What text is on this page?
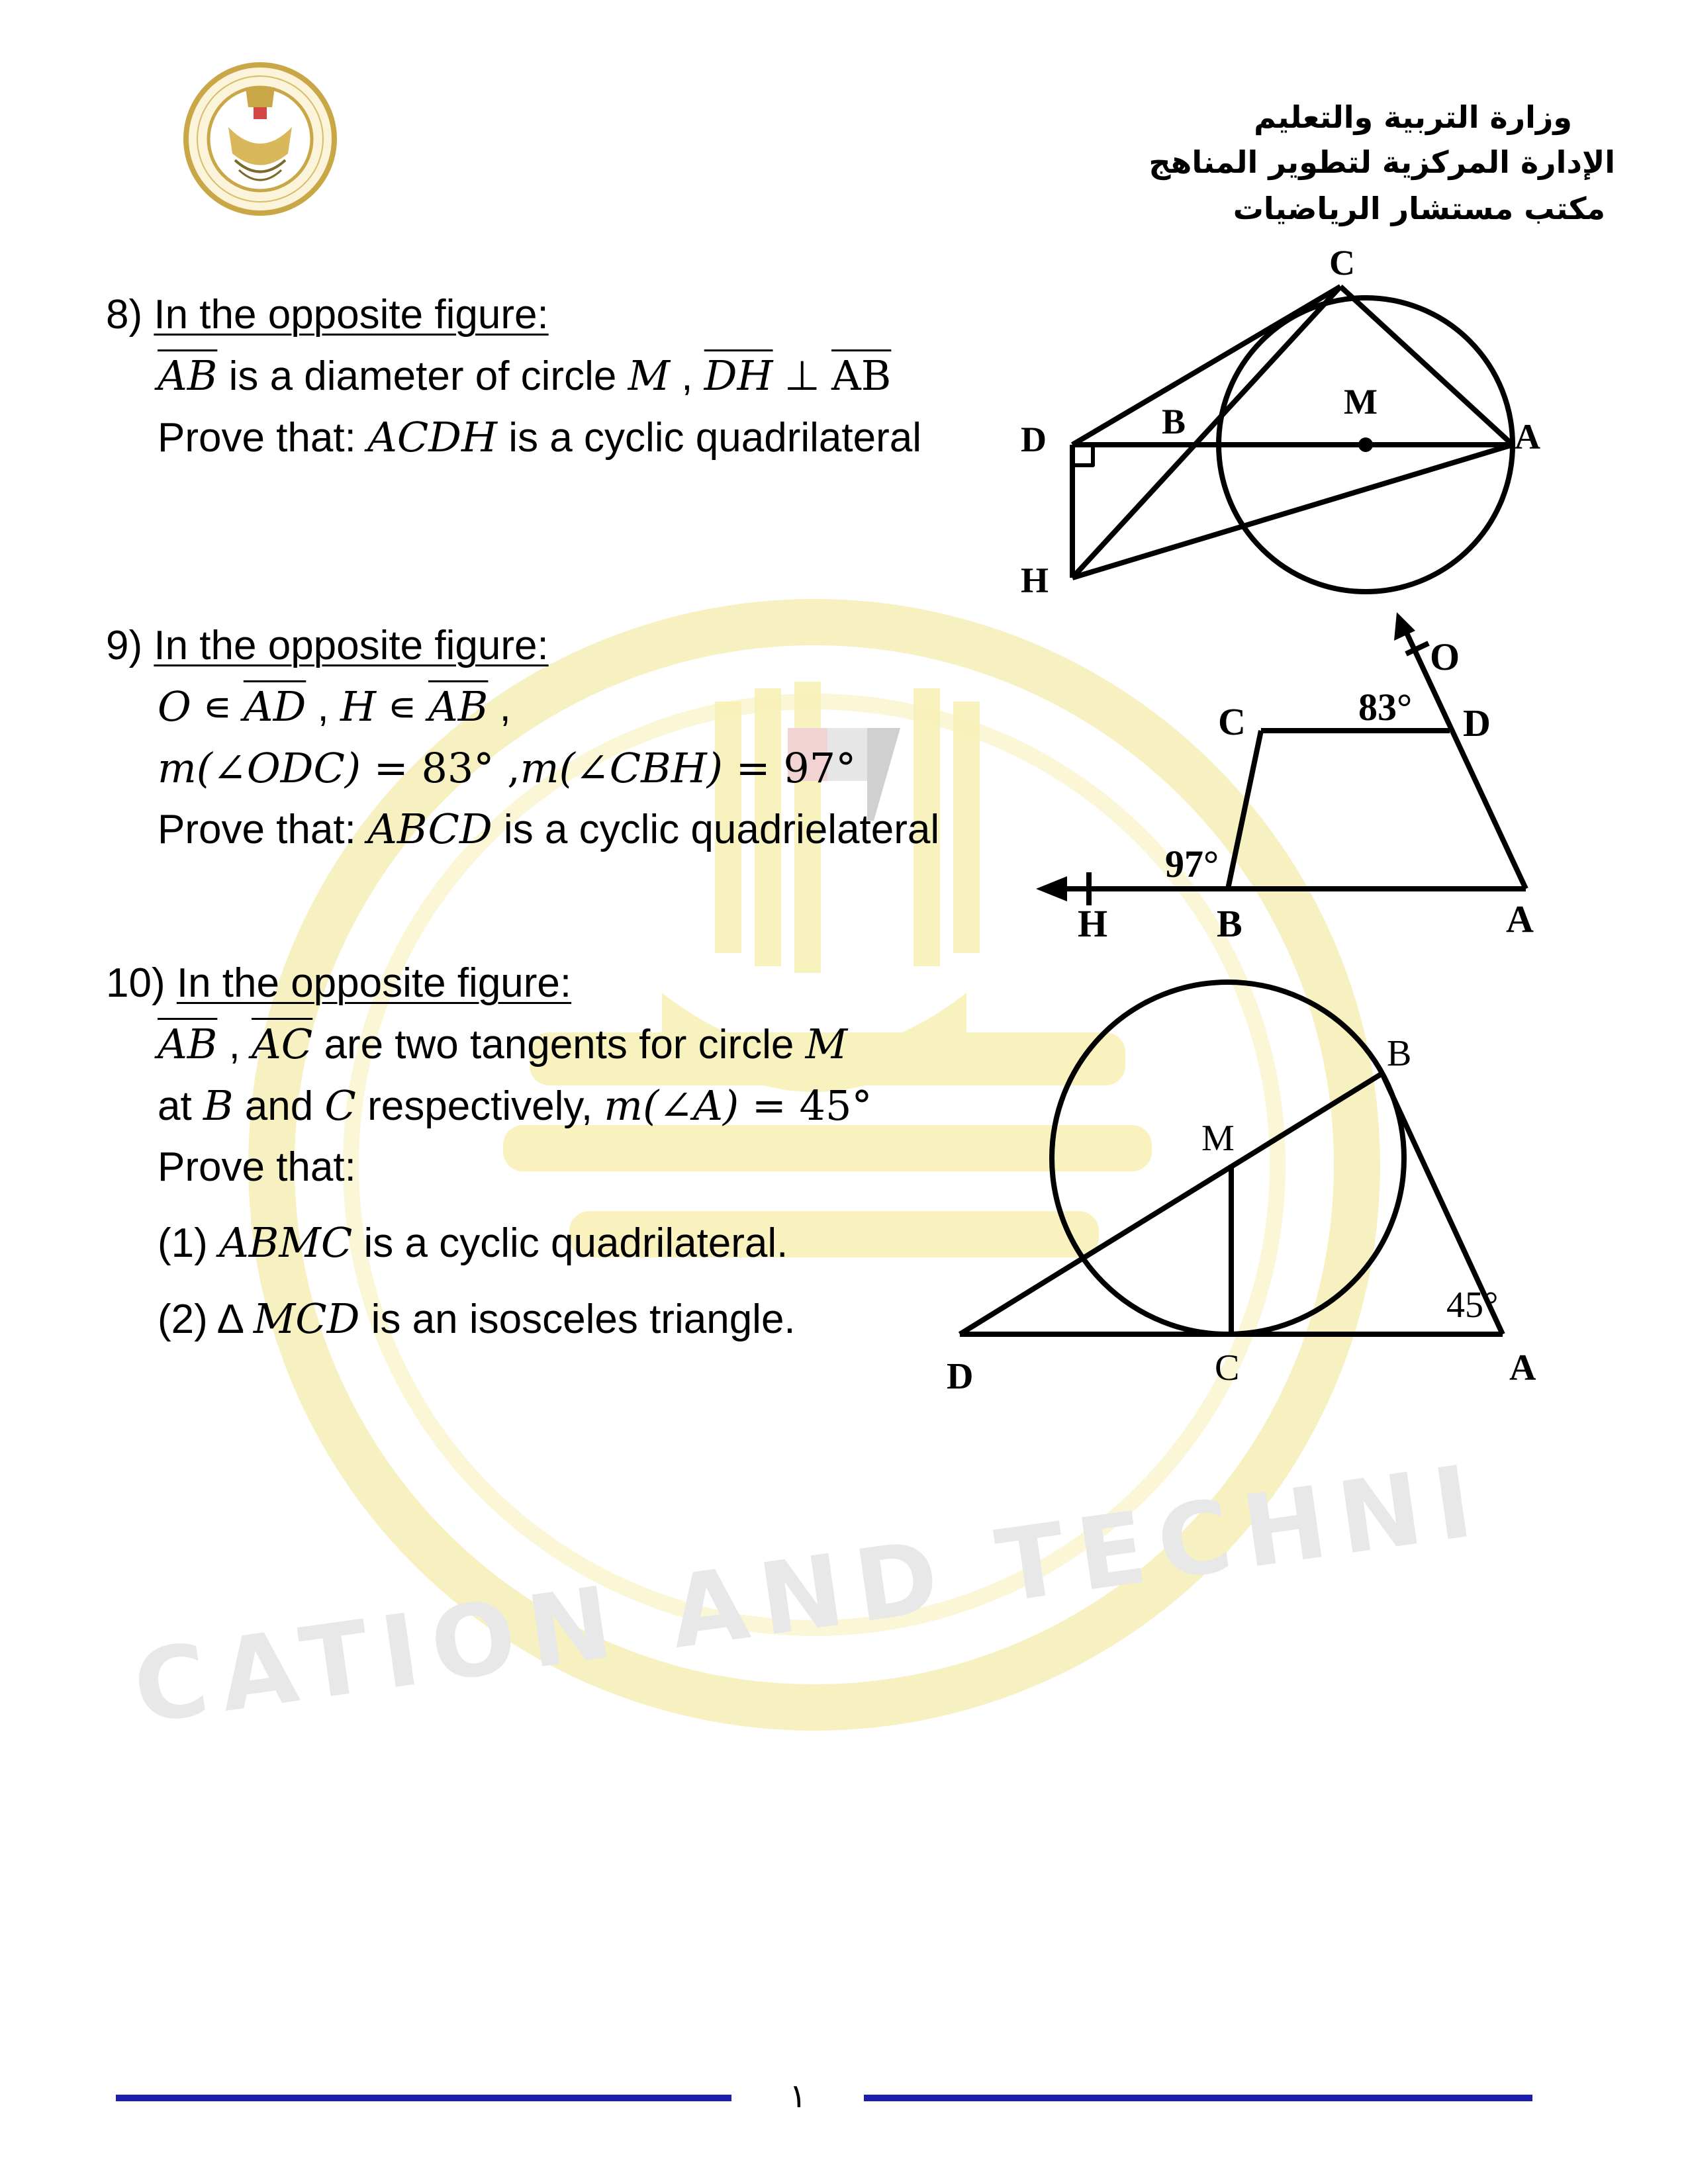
CATION AND TECHNI
وزارة التربية والتعليم
الإدارة المركزية لتطوير المناهج
مكتب مستشار الرياضيات
8) In the opposite figure:
$\overline{AB}$ is a diameter of circle M , $\overline{DH}$ ⊥ $\overline{AB}$
Prove that: ACDH is a cyclic quadrilateral
9) In the opposite figure:
O ∊ $\overline{AD}$ , H ∊ $\overline{AB}$ ,
m(∠ODC) = 83° ,m(∠CBH) = 97°
Prove that: ABCD is a cyclic quadrielateral
10) In the opposite figure:
$\overline{AB}$ , $\overline{AC}$ are two tangents for circle M
at B and C respectively, m(∠A) = 45°
Prove that:
(1) ABMC is a cyclic quadrilateral.
(2) Δ MCD is an isosceles triangle.
C
M
D	B	A
H
O
83°
C	D
97°
H	B	A
B
M
45°
D	C	A
١
